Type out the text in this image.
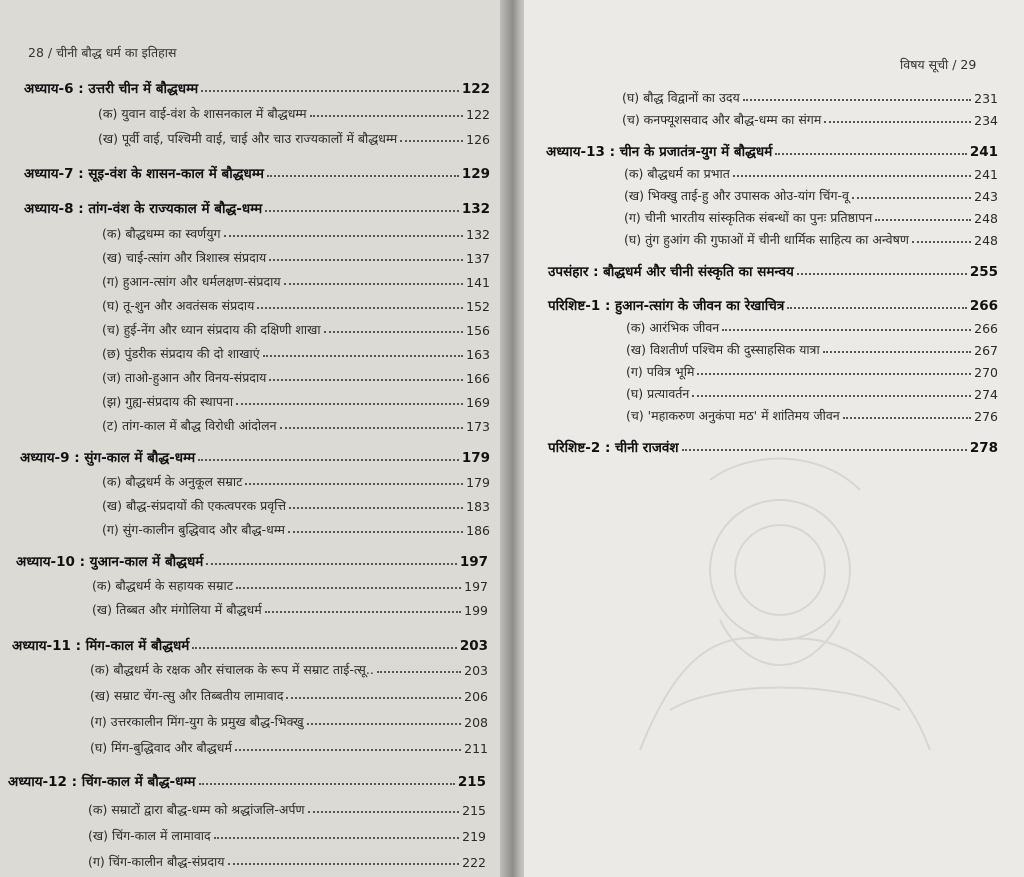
28 / चीनी बौद्ध धर्म का इतिहास
विषय सूची / 29
अध्याय-6 : उत्तरी चीन में बौद्धधम्म	122
(क) युवान वाई-वंश के शासनकाल में बौद्धधम्म	122
(ख) पूर्वी वाई, पश्चिमी वाई, चाई और चाउ राज्यकालों में बौद्धधम्म	126
अध्याय-7 : सूइ-वंश के शासन-काल में बौद्धधम्म	129
अध्याय-8 : तांग-वंश के राज्यकाल में बौद्ध-धम्म	132
(क) बौद्धधम्म का स्वर्णयुग	132
(ख) चाई-त्सांग और त्रिशास्त्र संप्रदाय	137
(ग) हुआन-त्सांग और धर्मलक्षण-संप्रदाय	141
(घ) तू-शुन और अवतंसक संप्रदाय	152
(च) हुई-नेंग और ध्यान संप्रदाय की दक्षिणी शाखा	156
(छ) पुंडरीक संप्रदाय की दो शाखाएं	163
(ज) ताओ-हुआन और विनय-संप्रदाय	166
(झ) गुह्य-संप्रदाय की स्थापना	169
(ट) तांग-काल में बौद्ध विरोधी आंदोलन	173
अध्याय-9 : सुंग-काल में बौद्ध-धम्म	179
(क) बौद्धधर्म के अनुकूल सम्राट	179
(ख) बौद्ध-संप्रदायों की एकत्वपरक प्रवृत्ति	183
(ग) सुंग-कालीन बुद्धिवाद और बौद्ध-धम्म	186
अध्याय-10 : युआन-काल में बौद्धधर्म	197
(क) बौद्धधर्म के सहायक सम्राट	197
(ख) तिब्बत और मंगोलिया में बौद्धधर्म	199
अध्याय-11 : मिंग-काल में बौद्धधर्म	203
(क) बौद्धधर्म के रक्षक और संचालक के रूप में सम्राट ताई-त्सू..	203
(ख) सम्राट चेंग-त्सु और तिब्बतीय लामावाद	206
(ग) उत्तरकालीन मिंग-युग के प्रमुख बौद्ध-भिक्खु	208
(घ) मिंग-बुद्धिवाद और बौद्धधर्म	211
अध्याय-12 : चिंग-काल में बौद्ध-धम्म	215
(क) सम्राटों द्वारा बौद्ध-धम्म को श्रद्धांजलि-अर्पण	215
(ख) चिंग-काल में लामावाद	219
(ग) चिंग-कालीन बौद्ध-संप्रदाय	222
(घ) बौद्ध विद्वानों का उदय	231
(च) कनफ्यूशसवाद और बौद्ध-धम्म का संगम	234
अध्याय-13 : चीन के प्रजातंत्र-युग में बौद्धधर्म	241
(क) बौद्धधर्म का प्रभात	241
(ख) भिक्खु ताई-हु और उपासक ओउ-यांग चिंग-वू	243
(ग) चीनी भारतीय सांस्कृतिक संबन्धों का पुनः प्रतिष्ठापन	248
(घ) तुंग हुआंग की गुफाओं में चीनी धार्मिक साहित्य का अन्वेषण	248
उपसंहार : बौद्धधर्म और चीनी संस्कृति का समन्वय	255
परिशिष्ट-1 : हुआन-त्सांग के जीवन का रेखाचित्र	266
(क) आरंभिक जीवन	266
(ख) विशतीर्ण पश्चिम की दुस्साहसिक यात्रा	267
(ग) पवित्र भूमि	270
(घ) प्रत्यावर्तन	274
(च) 'महाकरुण अनुकंपा मठ' में शांतिमय जीवन	276
परिशिष्ट-2 : चीनी राजवंश	278
